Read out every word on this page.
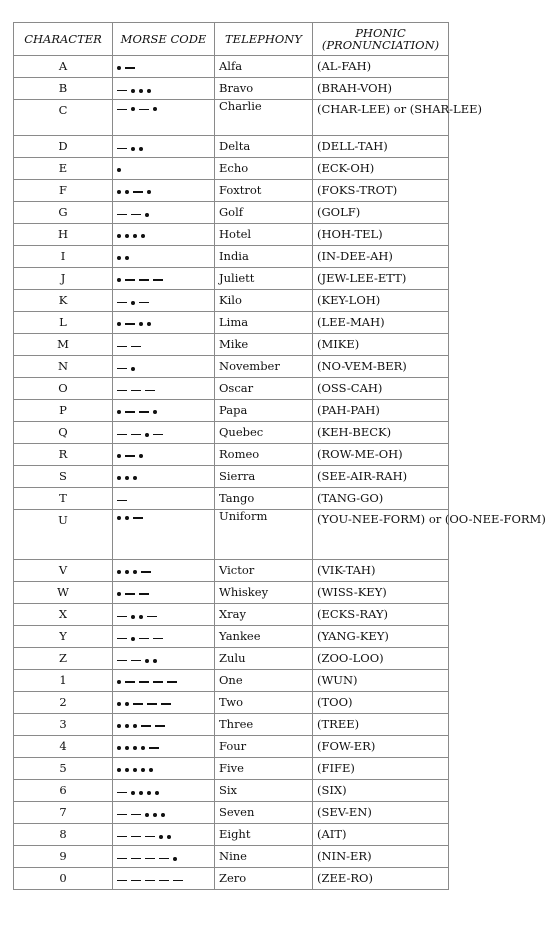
CHARACTER	MORSE CODE	TELEPHONY	PHONIC (PRONUNCIATION)
A		Alfa	(AL-FAH)
B		Bravo	(BRAH-VOH)
C		Charlie	(CHAR-LEE) or (SHAR-LEE)
D		Delta	(DELL-TAH)
E		Echo	(ECK-OH)
F		Foxtrot	(FOKS-TROT)
G		Golf	(GOLF)
H		Hotel	(HOH-TEL)
I		India	(IN-DEE-AH)
J		Juliett	(JEW-LEE-ETT)
K		Kilo	(KEY-LOH)
L		Lima	(LEE-MAH)
M		Mike	(MIKE)
N		November	(NO-VEM-BER)
O		Oscar	(OSS-CAH)
P		Papa	(PAH-PAH)
Q		Quebec	(KEH-BECK)
R		Romeo	(ROW-ME-OH)
S		Sierra	(SEE-AIR-RAH)
T		Tango	(TANG-GO)
U		Uniform	(YOU-NEE-FORM) or (OO-NEE-FORM)
V		Victor	(VIK-TAH)
W		Whiskey	(WISS-KEY)
X		Xray	(ECKS-RAY)
Y		Yankee	(YANG-KEY)
Z		Zulu	(ZOO-LOO)
1		One	(WUN)
2		Two	(TOO)
3		Three	(TREE)
4		Four	(FOW-ER)
5		Five	(FIFE)
6		Six	(SIX)
7		Seven	(SEV-EN)
8		Eight	(AIT)
9		Nine	(NIN-ER)
0		Zero	(ZEE-RO)
